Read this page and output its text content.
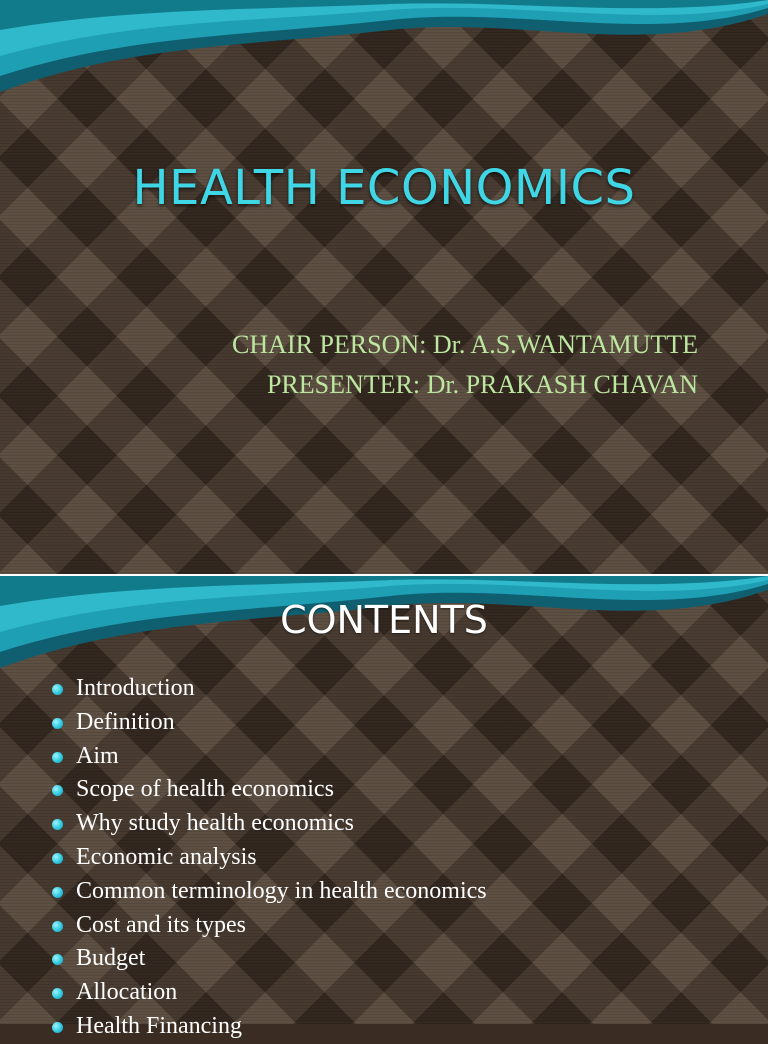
HEALTH ECONOMICS
CHAIR PERSON: Dr. A.S.WANTAMUTTE
PRESENTER: Dr. PRAKASH CHAVAN
CONTENTS
Introduction
Definition
Aim
Scope of health economics
Why study health economics
Economic analysis
Common terminology in health economics
Cost and its types
Budget
Allocation
Health Financing
